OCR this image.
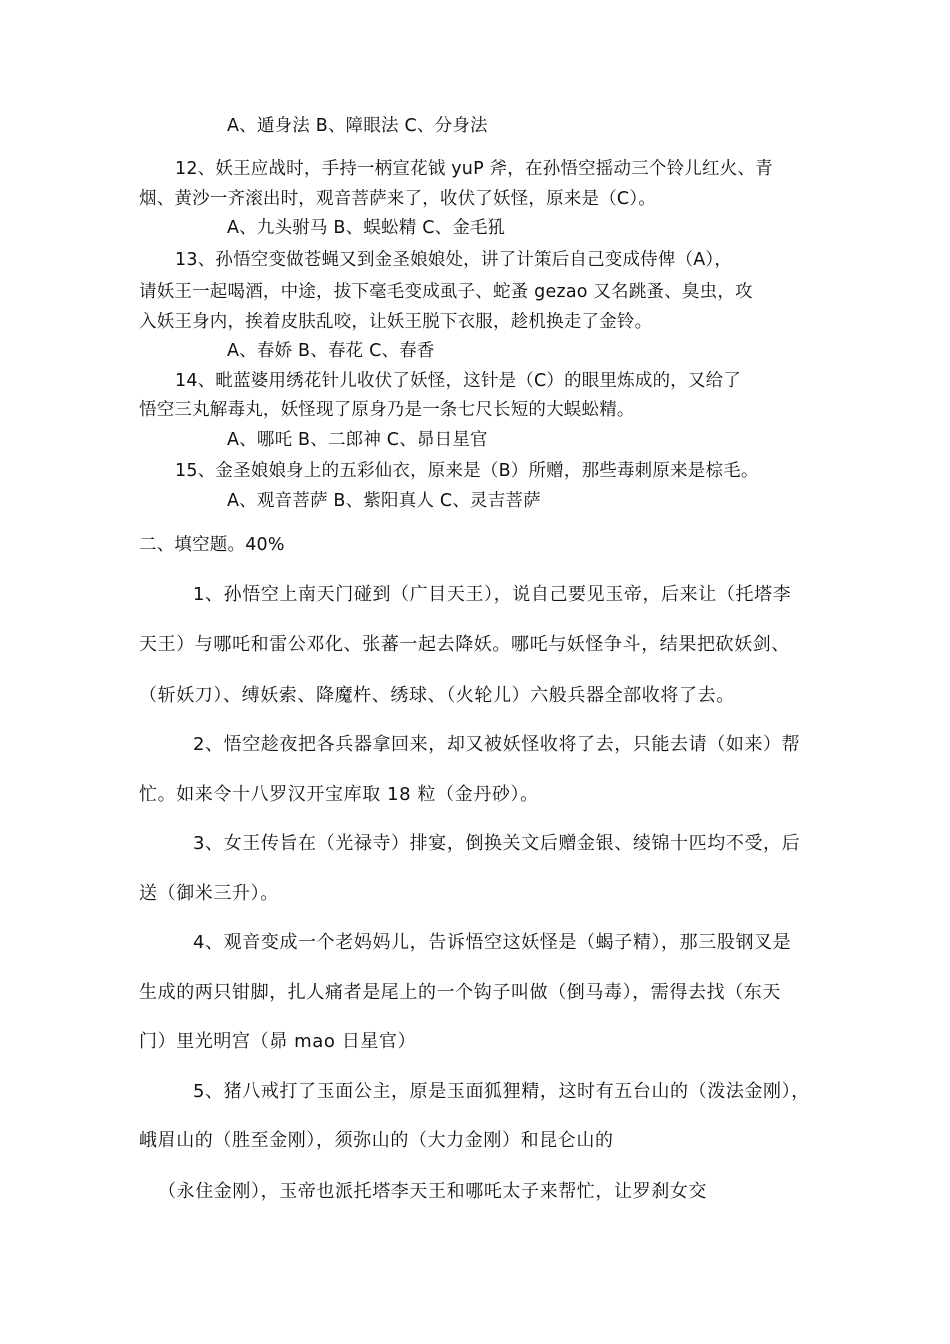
A、遁身法 B、障眼法 C、分身法

12、妖王应战时，手持一柄宣花钺 yuP 斧，在孙悟空摇动三个铃儿红火、青

烟、黄沙一齐滚出时，观音菩萨来了，收伏了妖怪，原来是（C）。

A、九头驸马 B、蜈蚣精 C、金毛犼

13、孙悟空变做苍蝇又到金圣娘娘处，讲了计策后自己变成侍俾（A），

请妖王一起喝酒，中途，拔下毫毛变成虱子、蛇蚤 gezao 又名跳蚤、臭虫，攻

入妖王身内，挨着皮肤乱咬，让妖王脱下衣服，趁机换走了金铃。

A、春娇 B、春花 C、春香

14、毗蓝婆用绣花针儿收伏了妖怪，这针是（C）的眼里炼成的，又给了

悟空三丸解毒丸，妖怪现了原身乃是一条七尺长短的大蜈蚣精。

A、哪吒 B、二郎神 C、昴日星官

15、金圣娘娘身上的五彩仙衣，原来是（B）所赠，那些毒刺原来是棕毛。

A、观音菩萨 B、紫阳真人 C、灵吉菩萨

二、填空题。40%

1、孙悟空上南天门碰到（广目天王），说自己要见玉帝，后来让（托塔李

天王）与哪吒和雷公邓化、张蕃一起去降妖。哪吒与妖怪争斗，结果把砍妖剑、

（斩妖刀）、缚妖索、降魔杵、绣球、（火轮儿）六般兵器全部收将了去。

2、悟空趁夜把各兵器拿回来，却又被妖怪收将了去，只能去请（如来）帮

忙。如来令十八罗汉开宝库取 18 粒（金丹砂）。

3、女王传旨在（光禄寺）排宴，倒换关文后赠金银、绫锦十匹均不受，后

送（御米三升）。

4、观音变成一个老妈妈儿，告诉悟空这妖怪是（蝎子精），那三股钢叉是

生成的两只钳脚，扎人痛者是尾上的一个钩子叫做（倒马毒），需得去找（东天

门）里光明宫（昴 mao 日星官）

5、猪八戒打了玉面公主，原是玉面狐狸精，这时有五台山的（泼法金刚），

峨眉山的（胜至金刚），须弥山的（大力金刚）和昆仑山的

（永住金刚），玉帝也派托塔李天王和哪吒太子来帮忙，让罗刹女交
